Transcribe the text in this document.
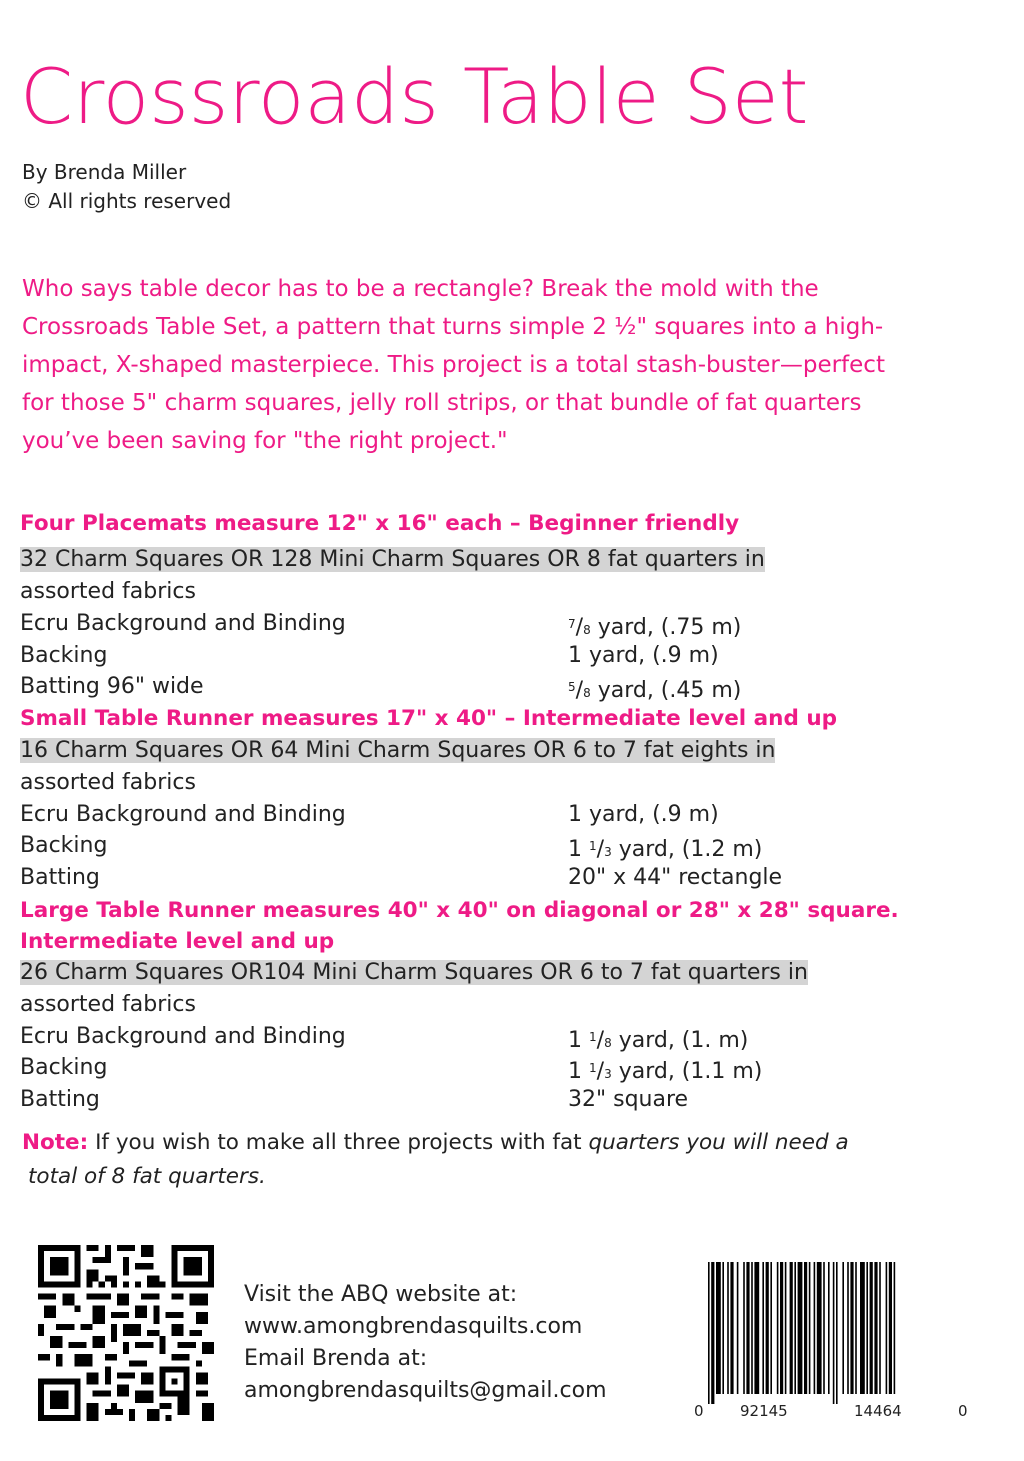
Crossroads Table Set
By Brenda Miller
© All rights reserved
Who says table decor has to be a rectangle? Break the mold with the
Crossroads Table Set, a pattern that turns simple 2 ½" squares into a high-
impact, X-shaped masterpiece. This project is a total stash-buster—perfect
for those 5" charm squares, jelly roll strips, or that bundle of fat quarters
you’ve been saving for "the right project."
Four Placemats measure 12" x 16" each – Beginner friendly
32 Charm Squares OR 128 Mini Charm Squares OR 8 fat quarters in
assorted fabrics
Ecru Background and Binding	$^7$/8 yard, (.75 m)
Backing	1 yard, (.9 m)
Batting 96" wide	$^5$/8 yard, (.45 m)
Small Table Runner measures 17" x 40" – Intermediate level and up
16 Charm Squares OR 64 Mini Charm Squares OR 6 to 7 fat eights in
assorted fabrics
Ecru Background and Binding	1 yard, (.9 m)
Backing	1 $^1$/3 yard, (1.2 m)
Batting	20" x 44" rectangle
Large Table Runner measures 40" x 40" on diagonal or 28" x 28" square.
Intermediate level and up
26 Charm Squares OR104 Mini Charm Squares OR 6 to 7 fat quarters in
assorted fabrics
Ecru Background and Binding	1 $^1$/8 yard, (1. m)
Backing	1 $^1$/3 yard, (1.1 m)
Batting	32" square
Note: If you wish to make all three projects with fat quarters you will need a
total of 8 fat quarters.
Visit the ABQ website at:
www.amongbrendasquilts.com
Email Brenda at:
amongbrendasquilts@gmail.com
0 92145	14464	0
